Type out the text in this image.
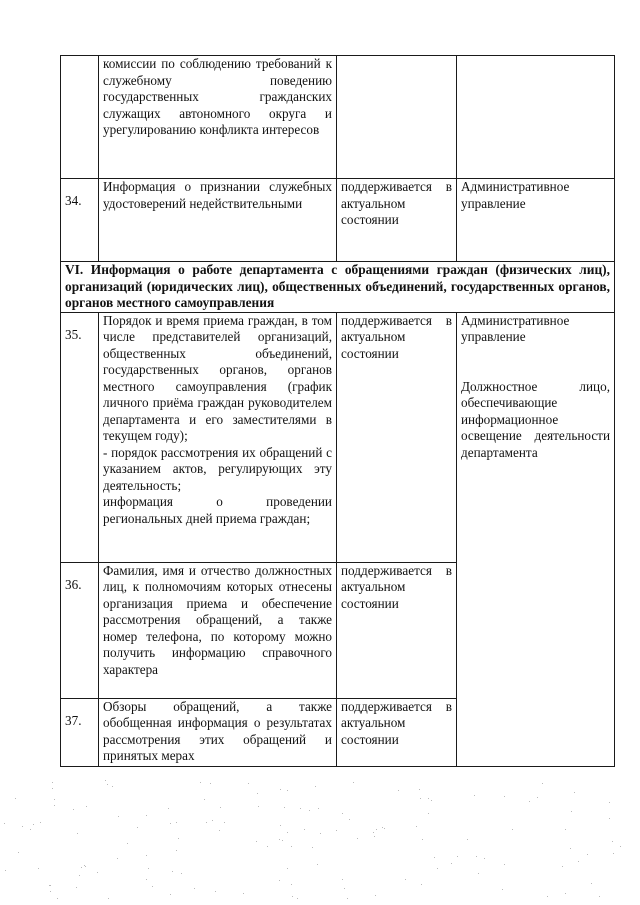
	комиссии по соблюдению требований к служебному поведению государственных гражданских служащих автономного округа и урегулированию конфликта интересов		

34.	Информация о признании служебных удостоверений недействительными	поддерживается в актуальном состоянии	Административное управление
VI. Информация о работе департамента с обращениями граждан (физических лиц), организаций (юридических лиц), общественных объединений, государственных органов, органов местного самоуправления			

35.	Порядок и время приема граждан, в том числе представителей организаций, общественных объединений, государственных органов, органов местного самоуправления (график личного приёма граждан руководителем департамента и его заместителями в текущем году);
- порядок рассмотрения их обращений с указанием актов, регулирующих эту деятельность;
информация о проведении региональных дней приема граждан;	поддерживается в актуальном состоянии	Административное управление
Должностное лицо, обеспечивающие информационное освещение деятельности департамента

36.	Фамилия, имя и отчество должностных лиц, к полномочиям которых отнесены организация приема и обеспечение рассмотрения обращений, а также номер телефона, по которому можно получить информацию справочного характера	поддерживается в актуальном состоянии	

37.	Обзоры обращений, а также обобщенная информация о результатах рассмотрения этих обращений и принятых мерах	поддерживается в актуальном состоянии	
